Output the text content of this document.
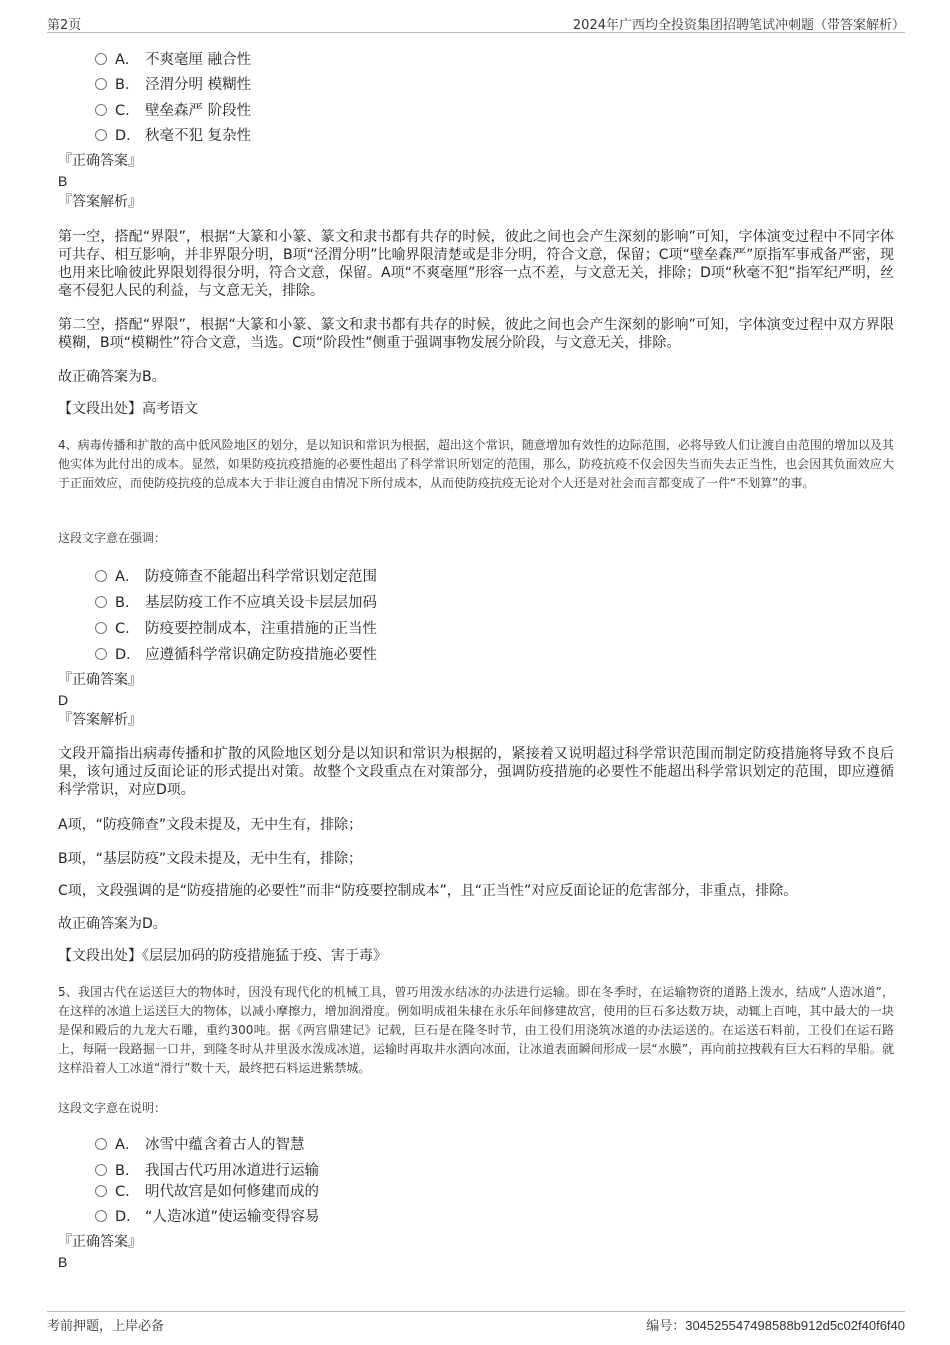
第2页	2024年广西均全投资集团招聘笔试冲刺题（带答案解析）
A． 不爽毫厘 融合性
B． 泾渭分明 模糊性
C． 壁垒森严 阶段性
D． 秋毫不犯 复杂性
『正确答案』
B
『答案解析』

第一空，搭配“界限”，根据“大篆和小篆、篆文和隶书都有共存的时候，彼此之间也会产生深刻的影响”可知，字体演变过程中不同字体可共存、相互影响，并非界限分明，B项“泾渭分明”比喻界限清楚或是非分明，符合文意，保留；C项“壁垒森严”原指军事戒备严密，现也用来比喻彼此界限划得很分明，符合文意，保留。A项“不爽毫厘”形容一点不差，与文意无关，排除；D项“秋毫不犯”指军纪严明，丝毫不侵犯人民的利益，与文意无关，排除。

第二空，搭配“界限”，根据“大篆和小篆、篆文和隶书都有共存的时候，彼此之间也会产生深刻的影响”可知，字体演变过程中双方界限模糊，B项“模糊性”符合文意，当选。C项“阶段性”侧重于强调事物发展分阶段，与文意无关，排除。

故正确答案为B。

【文段出处】高考语文

4、病毒传播和扩散的高中低风险地区的划分，是以知识和常识为根据，超出这个常识，随意增加有效性的边际范围，必将导致人们让渡自由范围的增加以及其他实体为此付出的成本。显然，如果防疫抗疫措施的必要性超出了科学常识所划定的范围，那么，防疫抗疫不仅会因失当而失去正当性，也会因其负面效应大于正面效应，而使防疫抗疫的总成本大于非让渡自由情况下所付成本，从而使防疫抗疫无论对个人还是对社会而言都变成了一件“不划算”的事。

这段文字意在强调：
A． 防疫筛查不能超出科学常识划定范围
B． 基层防疫工作不应填关设卡层层加码
C． 防疫要控制成本，注重措施的正当性
D． 应遵循科学常识确定防疫措施必要性
『正确答案』
D
『答案解析』

文段开篇指出病毒传播和扩散的风险地区划分是以知识和常识为根据的，紧接着又说明超过科学常识范围而制定防疫措施将导致不良后果，该句通过反面论证的形式提出对策。故整个文段重点在对策部分，强调防疫措施的必要性不能超出科学常识划定的范围，即应遵循科学常识，对应D项。

A项，“防疫筛查”文段未提及，无中生有，排除；

B项，“基层防疫”文段未提及，无中生有，排除；

C项，文段强调的是“防疫措施的必要性”而非“防疫要控制成本”，且“正当性”对应反面论证的危害部分，非重点，排除。

故正确答案为D。

【文段出处】《层层加码的防疫措施猛于疫、害于毒》

5、我国古代在运送巨大的物体时，因没有现代化的机械工具，曾巧用泼水结冰的办法进行运输。即在冬季时，在运输物资的道路上泼水，结成“人造冰道”，在这样的冰道上运送巨大的物体，以减小摩擦力，增加润滑度。例如明成祖朱棣在永乐年间修建故宫，使用的巨石多达数万块，动辄上百吨，其中最大的一块是保和殿后的九龙大石雕，重约300吨。据《两宫鼎建记》记载，巨石是在隆冬时节，由工役们用浇筑冰道的办法运送的。在运送石料前，工役们在运石路上，每隔一段路掘一口井，到隆冬时从井里汲水泼成冰道，运输时再取井水洒向冰面，让冰道表面瞬间形成一层“水膜”，再向前拉拽载有巨大石料的旱船。就这样沿着人工冰道“滑行”数十天，最终把石料运进紫禁城。

这段文字意在说明：
A． 冰雪中蕴含着古人的智慧
B． 我国古代巧用冰道进行运输
C． 明代故宫是如何修建而成的
D． “人造冰道”使运输变得容易
『正确答案』
B
考前押题，上岸必备	编号：304525547498588b912d5c02f40f6f40
